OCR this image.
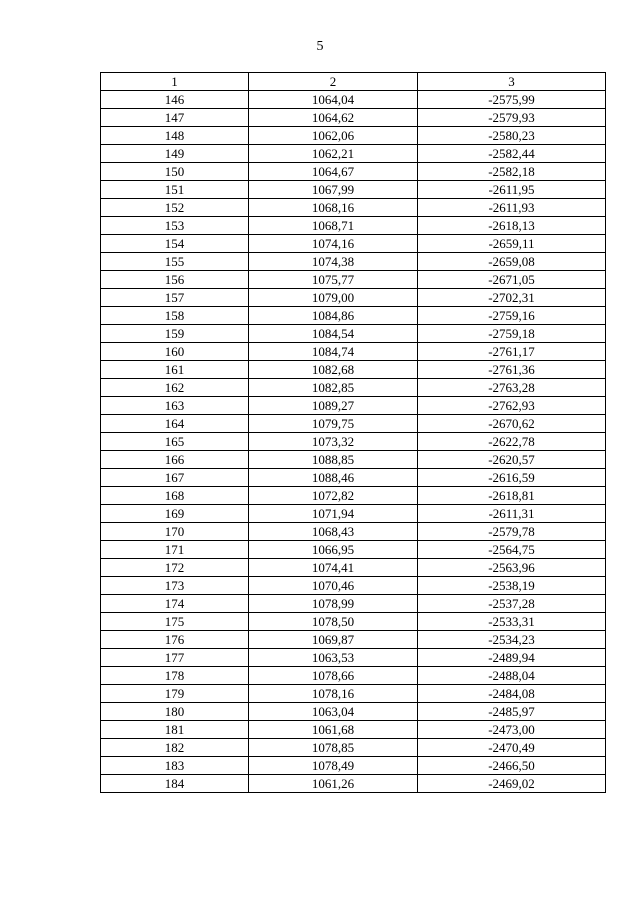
5
1	2	3
146	1064,04	-2575,99
147	1064,62	-2579,93
148	1062,06	-2580,23
149	1062,21	-2582,44
150	1064,67	-2582,18
151	1067,99	-2611,95
152	1068,16	-2611,93
153	1068,71	-2618,13
154	1074,16	-2659,11
155	1074,38	-2659,08
156	1075,77	-2671,05
157	1079,00	-2702,31
158	1084,86	-2759,16
159	1084,54	-2759,18
160	1084,74	-2761,17
161	1082,68	-2761,36
162	1082,85	-2763,28
163	1089,27	-2762,93
164	1079,75	-2670,62
165	1073,32	-2622,78
166	1088,85	-2620,57
167	1088,46	-2616,59
168	1072,82	-2618,81
169	1071,94	-2611,31
170	1068,43	-2579,78
171	1066,95	-2564,75
172	1074,41	-2563,96
173	1070,46	-2538,19
174	1078,99	-2537,28
175	1078,50	-2533,31
176	1069,87	-2534,23
177	1063,53	-2489,94
178	1078,66	-2488,04
179	1078,16	-2484,08
180	1063,04	-2485,97
181	1061,68	-2473,00
182	1078,85	-2470,49
183	1078,49	-2466,50
184	1061,26	-2469,02
